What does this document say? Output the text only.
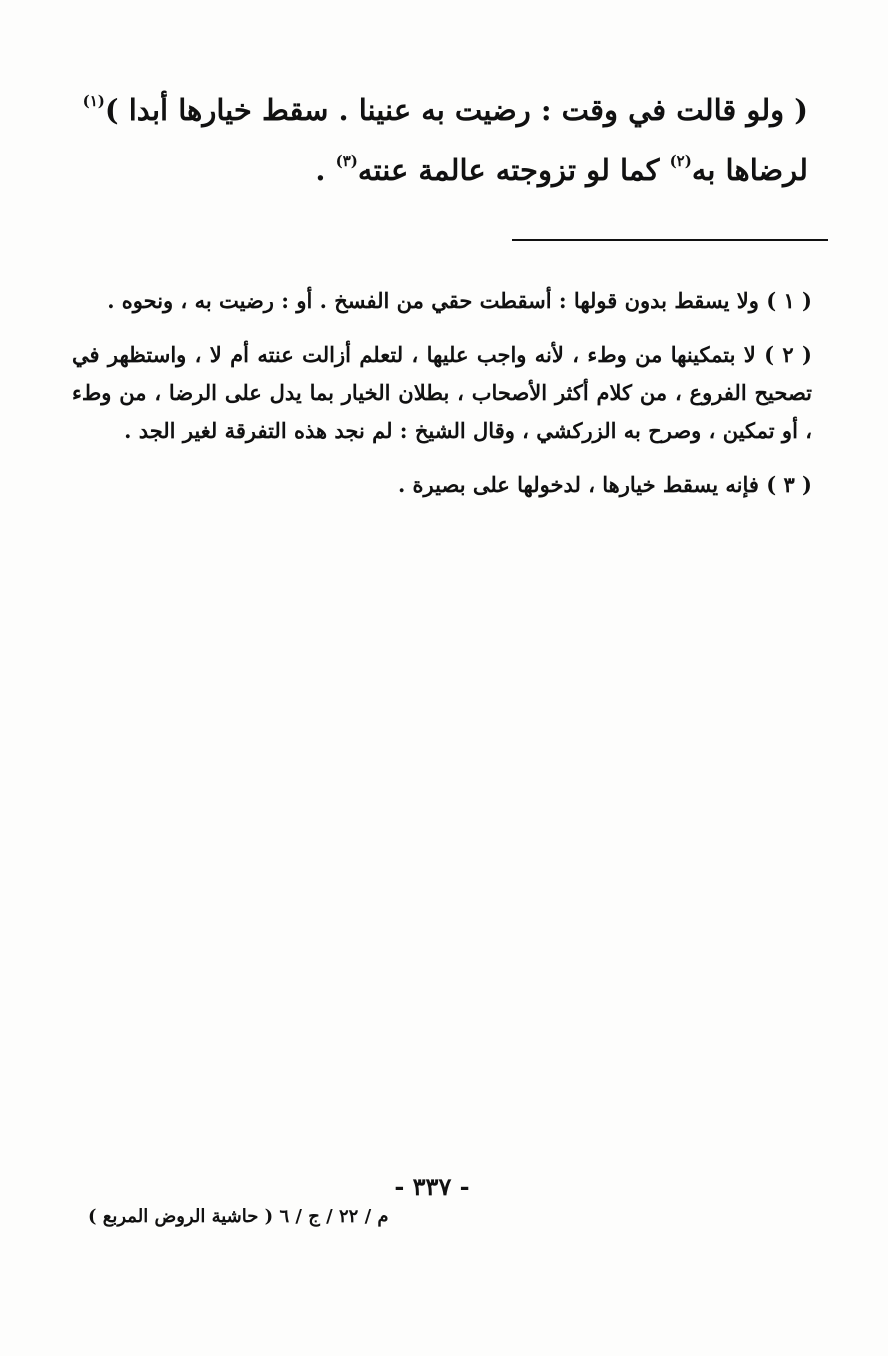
( ولو قالت في وقت : رضيت به عنينا . سقط خيارها أبدا )$^{(١)}$

لرضاها به$^{(٢)}$ كما لو تزوجته عالمة عنته$^{(٣)}$ .

( ١ ) ولا يسقط بدون قولها : أسقطت حقي من الفسخ . أو : رضيت به ، ونحوه .

( ٢ ) لا بتمكينها من وطء ، لأنه واجب عليها ، لتعلم أزالت عنته أم لا ، واستظهر في تصحيح الفروع ، من كلام أكثر الأصحاب ، بطلان الخيار بما يدل على الرضا ، من وطء ، أو تمكين ، وصرح به الزركشي ، وقال الشيخ : لم نجد هذه التفرقة لغير الجد .

( ٣ ) فإنه يسقط خيارها ، لدخولها على بصيرة .

- ٣٣٧ -
م / ٢٢ / ج / ٦ ( حاشية الروض المربع )
